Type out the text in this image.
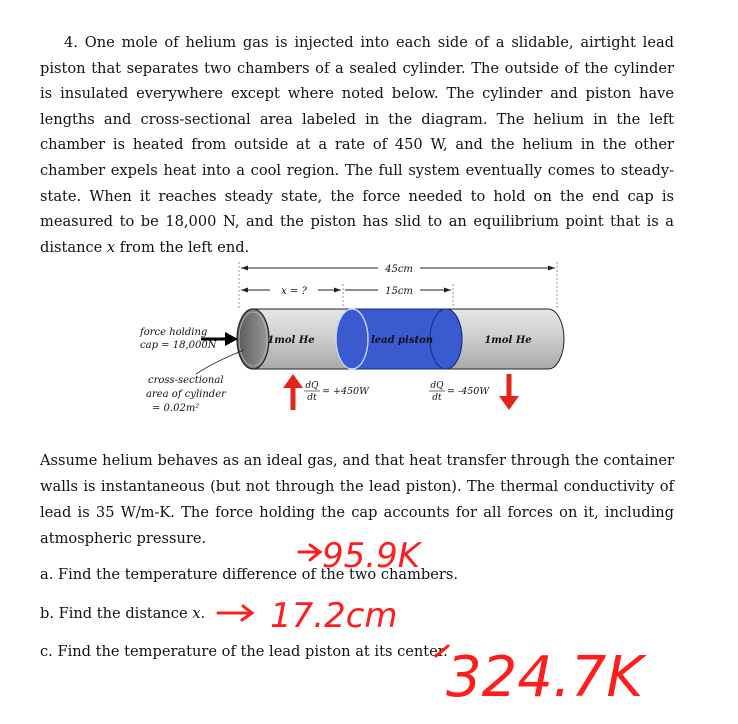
4. One mole of helium gas is injected into each side of a slidable, airtight lead piston that separates two chambers of a sealed cylinder. The outside of the cylinder is insulated everywhere except where noted below. The cylinder and piston have lengths and cross-sectional area labeled in the diagram. The helium in the left chamber is heated from outside at a rate of 450 W, and the helium in the other chamber expels heat into a cool region. The full system eventually comes to steady-state. When it reaches steady state, the force needed to hold on the end cap is measured to be 18,000 N, and the piston has slid to an equilibrium point that is a distance x from the left end.

45cm
x = ?	15cm
lead piston
1mol He	1mol He
force holding
cap = 18,000N
cross-sectional
area of cylinder
= 0.02m²
dQ
dt
= +450W	dQ
dt
= -450W

Assume helium behaves as an ideal gas, and that heat transfer through the container walls is instantaneous (but not through the lead piston). The thermal conductivity of lead is 35 W/m-K. The force holding the cap accounts for all forces on it, including atmospheric pressure.

a. Find the temperature difference of the two chambers.

b. Find the distance x.

c. Find the temperature of the lead piston at its center.

95.9K
17.2cm
324.7K
